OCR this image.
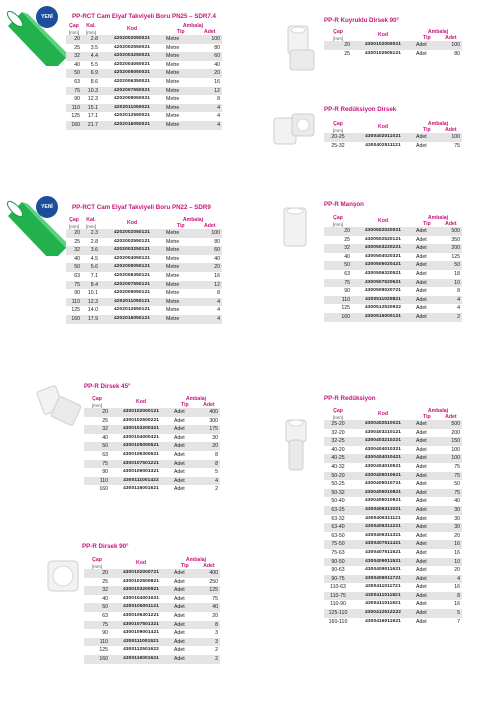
YENİ	PP-RCT Cam Elyaf Takviyeli Boru PN25 – SDR7.4
Çap	Kal.	Kod	Ambalaj	
[mm]	[mm]		Tip	Adet
20	2.8	4202002050021	Metre	100
25	3.5	4202002550021	Metre	80
32	4.4	4202003250021	Metre	60
40	5.5	4202004050021	Metre	40
50	6.9	4202005050021	Metre	20
63	8.6	4202006350021	Metre	16
75	10.3	4202007550021	Metre	12
90	12.3	4202009050021	Metre	8
110	15.1	4202011050021	Metre	4
125	17.1	4202012550021	Metre	4
160	21.7	4202016050021	Metre	4
YENİ	PP-RCT Cam Elyaf Takviyeli Boru PN22 – SDR9
Çap	Kal.	Kod	Ambalaj	
[mm]	[mm]		Tip	Adet
20	2.3	4202002050121	Metre	100
25	2.8	4202002550121	Metre	80
32	3.6	4202003250121	Metre	60
40	4.5	4202004050121	Metre	40
50	5.6	4202005050121	Metre	20
63	7.1	4202006350121	Metre	16
75	8.4	4202007550121	Metre	12
90	10.1	4202009050121	Metre	8
110	12.3	4202011050121	Metre	4
125	14.0	4202012550121	Metre	4
160	17.9	4202016050121	Metre	4
PP-R Dirsek 45°
Çap	Kod	Ambalaj	
[mm]		Tip	Adet
20	4300102000121	Adet	400
25	4300102500221	Adet	300
32	4300103200321	Adet	175
40	4300104000421	Adet	30
50	4300105000521	Adet	20
63	4300106300621	Adet	8
75	4300107501221	Adet	8
90	4300109001321	Adet	5
110	4300111001422	Adet	4
160	4300116001621	Adet	2
PP-R Dirsek 90°
Çap	Kod	Ambalaj	
[mm]		Tip	Adet
20	4300102000721	Adet	400
25	4300102500821	Adet	250
32	4300103200921	Adet	125
40	4300104001021	Adet	75
50	4300105001121	Adet	40
63	4300106301221	Adet	20
75	4300107501321	Adet	8
90	4300109001421	Adet	3
110	4300111001521	Adet	3
125	4300112501622	Adet	2
160	4300116001621	Adet	2
PP-R Kuyruklu Dirsek 90°
Çap	Kod	Ambalaj	
[mm]		Tip	Adet
20	4300102005021	Adet	100
25	4300102505121	Adet	80
PP-R Redüksiyon Dirsek
Çap	Kod	Ambalaj	
[mm]		Tip	Adet
20-25	4300402011021	Adet	100
25-32	4300402511121	Adet	75
PP-R Manşon
Çap	Kod	Ambalaj	
[mm]		Tip	Adet
20	4300502020021	Adet	500
25	4300502520121	Adet	350
32	4300503220221	Adet	200
40	4300504020321	Adet	125
50	4300505020421	Adet	50
63	4300506320521	Adet	18
75	4300507520621	Adet	10
90	4300509020721	Adet	8
110	4300511020821	Adet	4
125	4300512520922	Adet	4
160	4300516000121	Adet	2
PP-R Redüksiyon
Çap	Kod	Ambalaj	
[mm]		Tip	Adet
25-20	4300402510021	Adet	500
32-20	4300403210121	Adet	200
32-25	4300403210221	Adet	150
40-20	4300404010321	Adet	100
40-25	4300404010421	Adet	100
40-32	4300404010521	Adet	75
50-20	4300405010621	Adet	75
50-25	4300405010721	Adet	50
50-32	4300405010821	Adet	75
50-40	4300405010921	Adet	40
63-25	4300406311021	Adet	30
63-32	4300406311121	Adet	30
63-40	4300406311221	Adet	30
63-50	4300406311321	Adet	20
75-50	4300407511421	Adet	16
75-63	4300407511521	Adet	16
90-50	4300409011521	Adet	10
90-63	4300409011621	Adet	20
90-75	4300409011721	Adet	4
110-63	4300411011721	Adet	16
110-75	4300411011821	Adet	8
110-90	4300411011921	Adet	16
125-110	4300412512222	Adet	5
160-110	4300416011921	Adet	7
